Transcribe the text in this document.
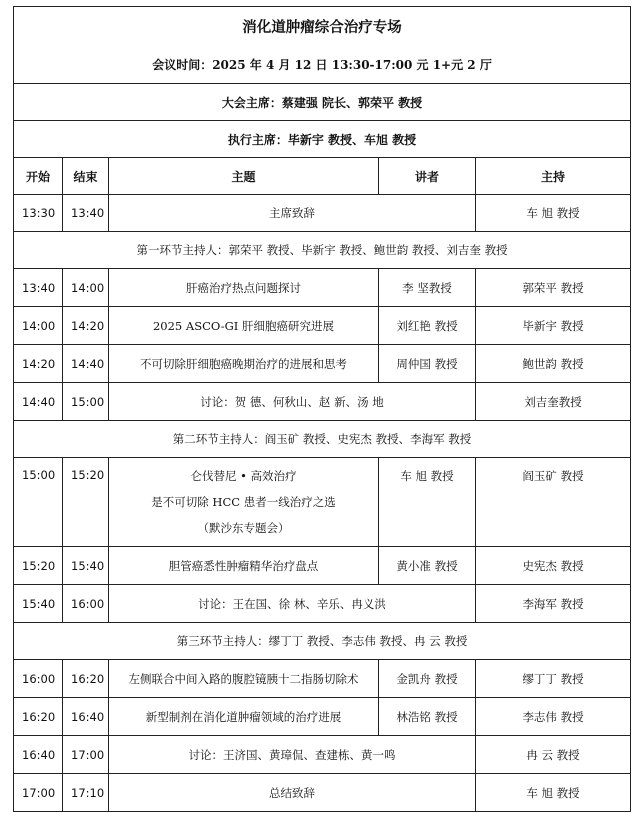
消化道肿瘤综合治疗专场				
会议时间：2025 年 4 月 12 日 13:30-17:00 元 1+元 2 厅				
大会主席：蔡建强 院长、郭荣平 教授				
执行主席：毕新宇 教授、车旭 教授				
开始	结束	主题	讲者	主持
13:30	13:40	主席致辞		车 旭 教授
第一环节主持人：郭荣平 教授、毕新宇 教授、鲍世韵 教授、刘吉奎 教授				
13:40	14:00	肝癌治疗热点问题探讨	李 坚教授	郭荣平 教授
14:00	14:20	2025 ASCO-GI 肝细胞癌研究进展	刘红艳 教授	毕新宇 教授
14:20	14:40	不可切除肝细胞癌晚期治疗的进展和思考	周仲国 教授	鲍世韵 教授
14:40	15:00	讨论：贺 德、何秋山、赵 新、汤 地		刘吉奎教授
第二环节主持人：阎玉矿 教授、史宪杰 教授、李海军 教授				
15:00	15:20	仑伐替尼 • 高效治疗
是不可切除 HCC 患者一线治疗之选
（默沙东专题会）	车 旭 教授	阎玉矿 教授
15:20	15:40	胆管癌悉性肿瘤精华治疗盘点	黄小准 教授	史宪杰 教授
15:40	16:00	讨论：王在国、徐 林、辛乐、冉义洪		李海军 教授
第三环节主持人：缪丁丁 教授、李志伟 教授、冉 云 教授				
16:00	16:20	左侧联合中间入路的腹腔镜胰十二指肠切除术	金凯舟 教授	缪丁丁 教授
16:20	16:40	新型制剂在消化道肿瘤领域的治疗进展	林浩铭 教授	李志伟 教授
16:40	17:00	讨论：王济国、黄璋侃、查建栋、黄一鸣		冉 云 教授
17:00	17:10	总结致辞		车 旭 教授
